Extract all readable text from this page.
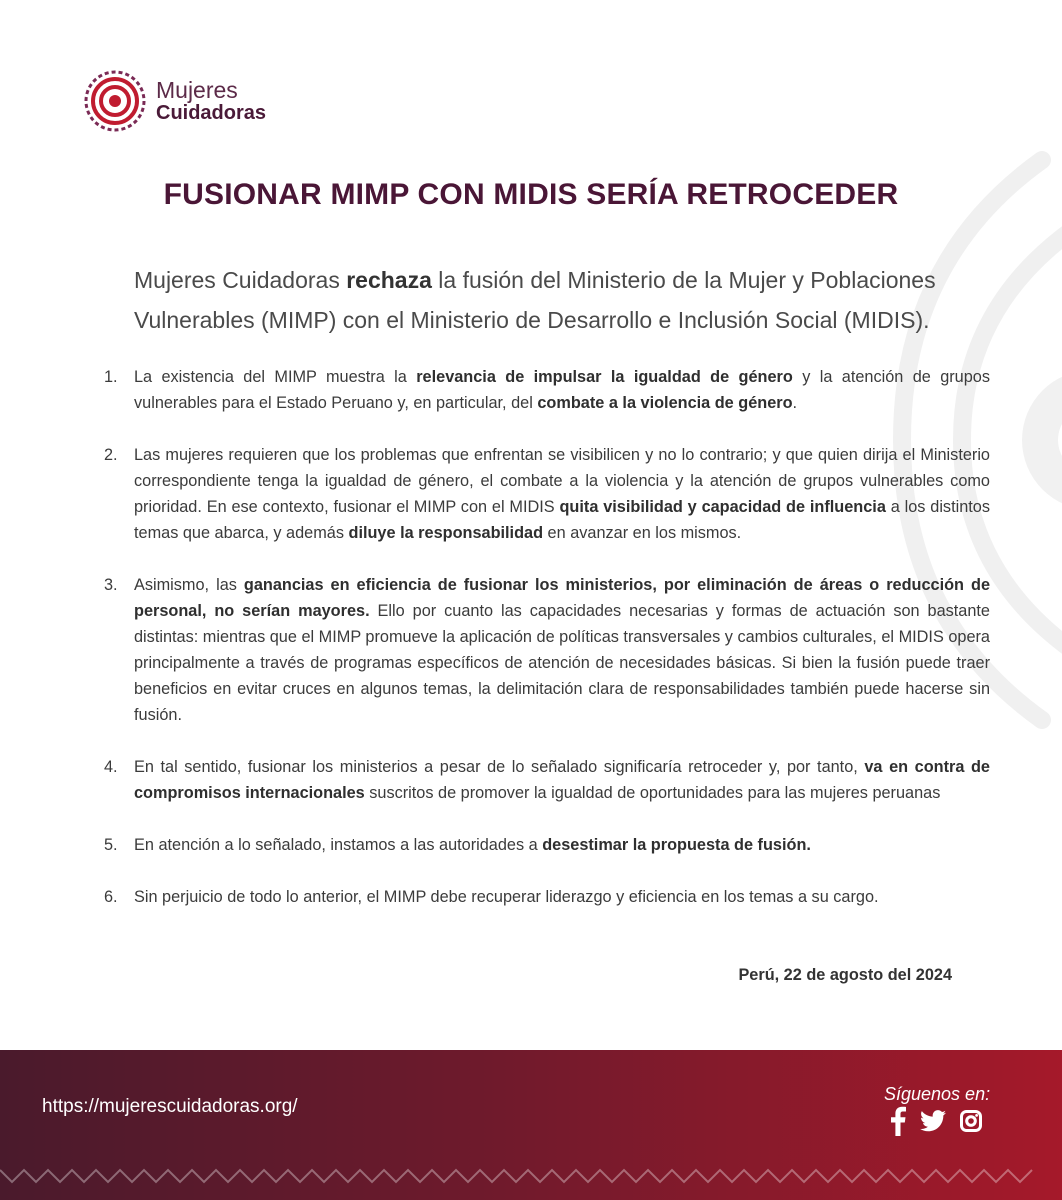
Mujeres
Cuidadoras
FUSIONAR MIMP CON MIDIS SERÍA RETROCEDER

Mujeres Cuidadoras rechaza la fusión del Ministerio de la Mujer y Poblaciones Vulnerables (MIMP) con el Ministerio de Desarrollo e Inclusión Social (MIDIS).

1.	La existencia del MIMP muestra la relevancia de impulsar la igualdad de género y la atención de grupos vulnerables para el Estado Peruano y, en particular, del combate a la violencia de género.

2.	Las mujeres requieren que los problemas que enfrentan se visibilicen y no lo contrario; y que quien dirija el Ministerio correspondiente tenga la igualdad de género, el combate a la violencia y la atención de grupos vulnerables como prioridad. En ese contexto, fusionar el MIMP con el MIDIS quita visibilidad y capacidad de influencia a los distintos temas que abarca, y además diluye la responsabilidad en avanzar en los mismos.

3.	Asimismo, las ganancias en eficiencia de fusionar los ministerios, por eliminación de áreas o reducción de personal, no serían mayores. Ello por cuanto las capacidades necesarias y formas de actuación son bastante distintas: mientras que el MIMP promueve la aplicación de políticas transversales y cambios culturales, el MIDIS opera principalmente a través de programas específicos de atención de necesidades básicas. Si bien la fusión puede traer beneficios en evitar cruces en algunos temas, la delimitación clara de responsabilidades también puede hacerse sin fusión.

4.	En tal sentido, fusionar los ministerios a pesar de lo señalado significaría retroceder y, por tanto, va en contra de compromisos internacionales suscritos de promover la igualdad de oportunidades para las mujeres peruanas

5.	En atención a lo señalado, instamos a las autoridades a desestimar la propuesta de fusión.

6.	Sin perjuicio de todo lo anterior, el MIMP debe recuperar liderazgo y eficiencia en los temas a su cargo.

Perú, 22 de agosto del 2024
https://mujerescuidadoras.org/
Síguenos en:
